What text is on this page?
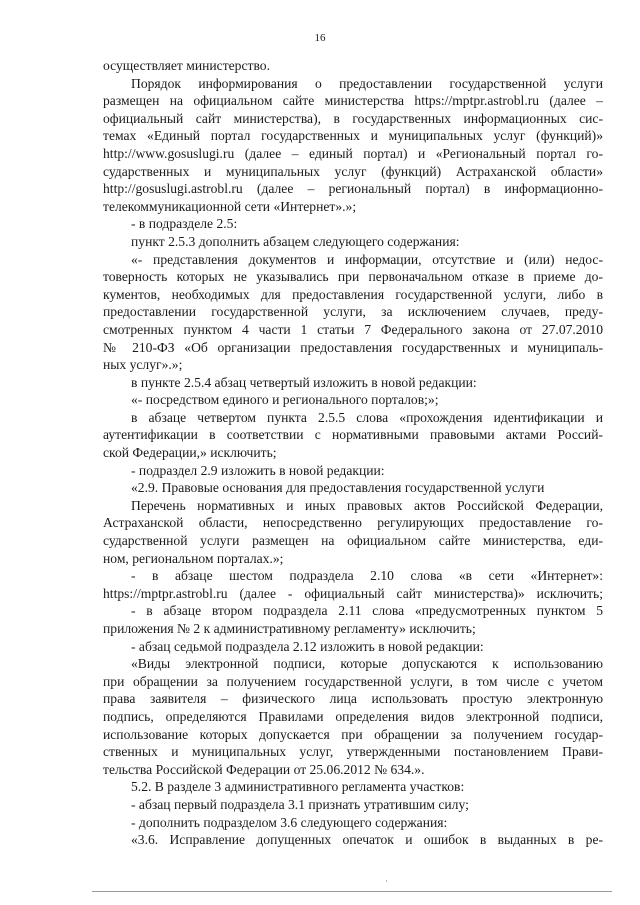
16
осуществляет министерство.
Порядок информирования о предоставлении государственной услуги
размещен на официальном сайте министерства https://mptpr.astrobl.ru (далее –
официальный сайт министерства), в государственных информационных сис-
темах «Единый портал государственных и муниципальных услуг (функций)»
http://www.gosuslugi.ru (далее – единый портал) и «Региональный портал го-
сударственных и муниципальных услуг (функций) Астраханской области»
http://gosuslugi.astrobl.ru (далее – региональный портал) в информационно-
телекоммуникационной сети «Интернет».»;
- в подразделе 2.5:
пункт 2.5.3 дополнить абзацем следующего содержания:
«- представления документов и информации, отсутствие и (или) недос-
товерность которых не указывались при первоначальном отказе в приеме до-
кументов, необходимых для предоставления государственной услуги, либо в
предоставлении государственной услуги, за исключением случаев, преду-
смотренных пунктом 4 части 1 статьи 7 Федерального закона от 27.07.2010
№ 210-ФЗ «Об организации предоставления государственных и муниципаль-
ных услуг».»;
в пункте 2.5.4 абзац четвертый изложить в новой редакции:
«- посредством единого и регионального порталов;»;
в абзаце четвертом пункта 2.5.5 слова «прохождения идентификации и
аутентификации в соответствии с нормативными правовыми актами Россий-
ской Федерации,» исключить;
- подраздел 2.9 изложить в новой редакции:
«2.9. Правовые основания для предоставления государственной услуги
Перечень нормативных и иных правовых актов Российской Федерации,
Астраханской области, непосредственно регулирующих предоставление го-
сударственной услуги размещен на официальном сайте министерства, еди-
ном, региональном порталах.»;
- в абзаце шестом подраздела 2.10 слова «в сети «Интернет»:
https://mptpr.astrobl.ru (далее - официальный сайт министерства)» исключить;
- в абзаце втором подраздела 2.11 слова «предусмотренных пунктом 5
приложения № 2 к административному регламенту» исключить;
- абзац седьмой подраздела 2.12 изложить в новой редакции:
«Виды электронной подписи, которые допускаются к использованию
при обращении за получением государственной услуги, в том числе с учетом
права заявителя – физического лица использовать простую электронную
подпись, определяются Правилами определения видов электронной подписи,
использование которых допускается при обращении за получением государ-
ственных и муниципальных услуг, утвержденными постановлением Прави-
тельства Российской Федерации от 25.06.2012 № 634.».
5.2. В разделе 3 административного регламента участков:
- абзац первый подраздела 3.1 признать утратившим силу;
- дополнить подразделом 3.6 следующего содержания:
«3.6. Исправление допущенных опечаток и ошибок в выданных в ре-
·
